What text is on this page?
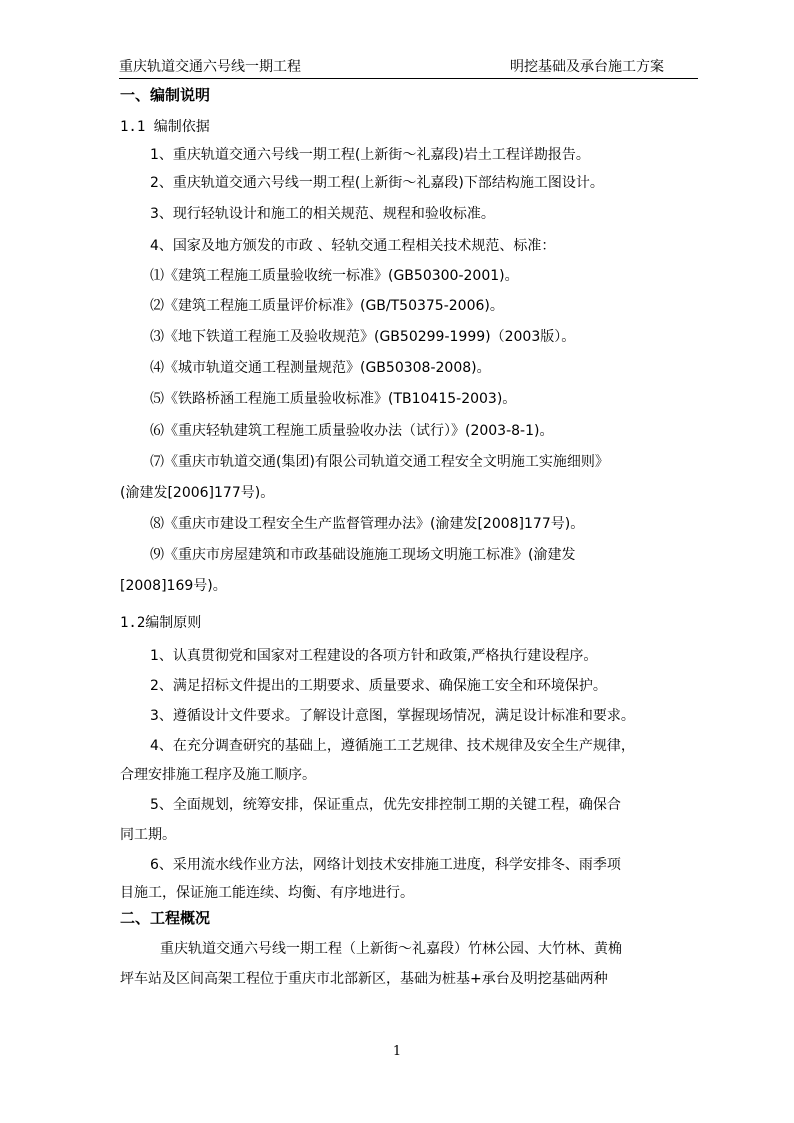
重庆轨道交通六号线一期工程	明挖基础及承台施工方案
一、编制说明
1.1 编制依据
1、重庆轨道交通六号线一期工程(上新街～礼嘉段)岩土工程详勘报告。
2、重庆轨道交通六号线一期工程(上新街～礼嘉段)下部结构施工图设计。
3、现行轻轨设计和施工的相关规范、规程和验收标准。
4、国家及地方颁发的市政 、轻轨交通工程相关技术规范、标准：
⑴《建筑工程施工质量验收统一标准》(GB50300-2001)。
⑵《建筑工程施工质量评价标准》(GB/T50375-2006)。
⑶《地下铁道工程施工及验收规范》(GB50299-1999)（2003版）。
⑷《城市轨道交通工程测量规范》(GB50308-2008)。
⑸《铁路桥涵工程施工质量验收标准》(TB10415-2003)。
⑹《重庆轻轨建筑工程施工质量验收办法（试行）》(2003-8-1)。
⑺《重庆市轨道交通(集团)有限公司轨道交通工程安全文明施工实施细则》
(渝建发[2006]177号)。
⑻《重庆市建设工程安全生产监督管理办法》(渝建发[2008]177号)。
⑼《重庆市房屋建筑和市政基础设施施工现场文明施工标准》(渝建发
[2008]169号)。
1.2编制原则
1、认真贯彻党和国家对工程建设的各项方针和政策,严格执行建设程序。
2、满足招标文件提出的工期要求、质量要求、确保施工安全和环境保护。
3、遵循设计文件要求。了解设计意图，掌握现场情况，满足设计标准和要求。
4、在充分调查研究的基础上，遵循施工工艺规律、技术规律及安全生产规律，
合理安排施工程序及施工顺序。
5、全面规划，统筹安排，保证重点，优先安排控制工期的关键工程，确保合
同工期。
6、采用流水线作业方法，网络计划技术安排施工进度，科学安排冬、雨季项
目施工，保证施工能连续、均衡、有序地进行。
二、工程概况
重庆轨道交通六号线一期工程（上新街～礼嘉段）竹林公园、大竹林、黄桷
坪车站及区间高架工程位于重庆市北部新区，基础为桩基+承台及明挖基础两种
1
